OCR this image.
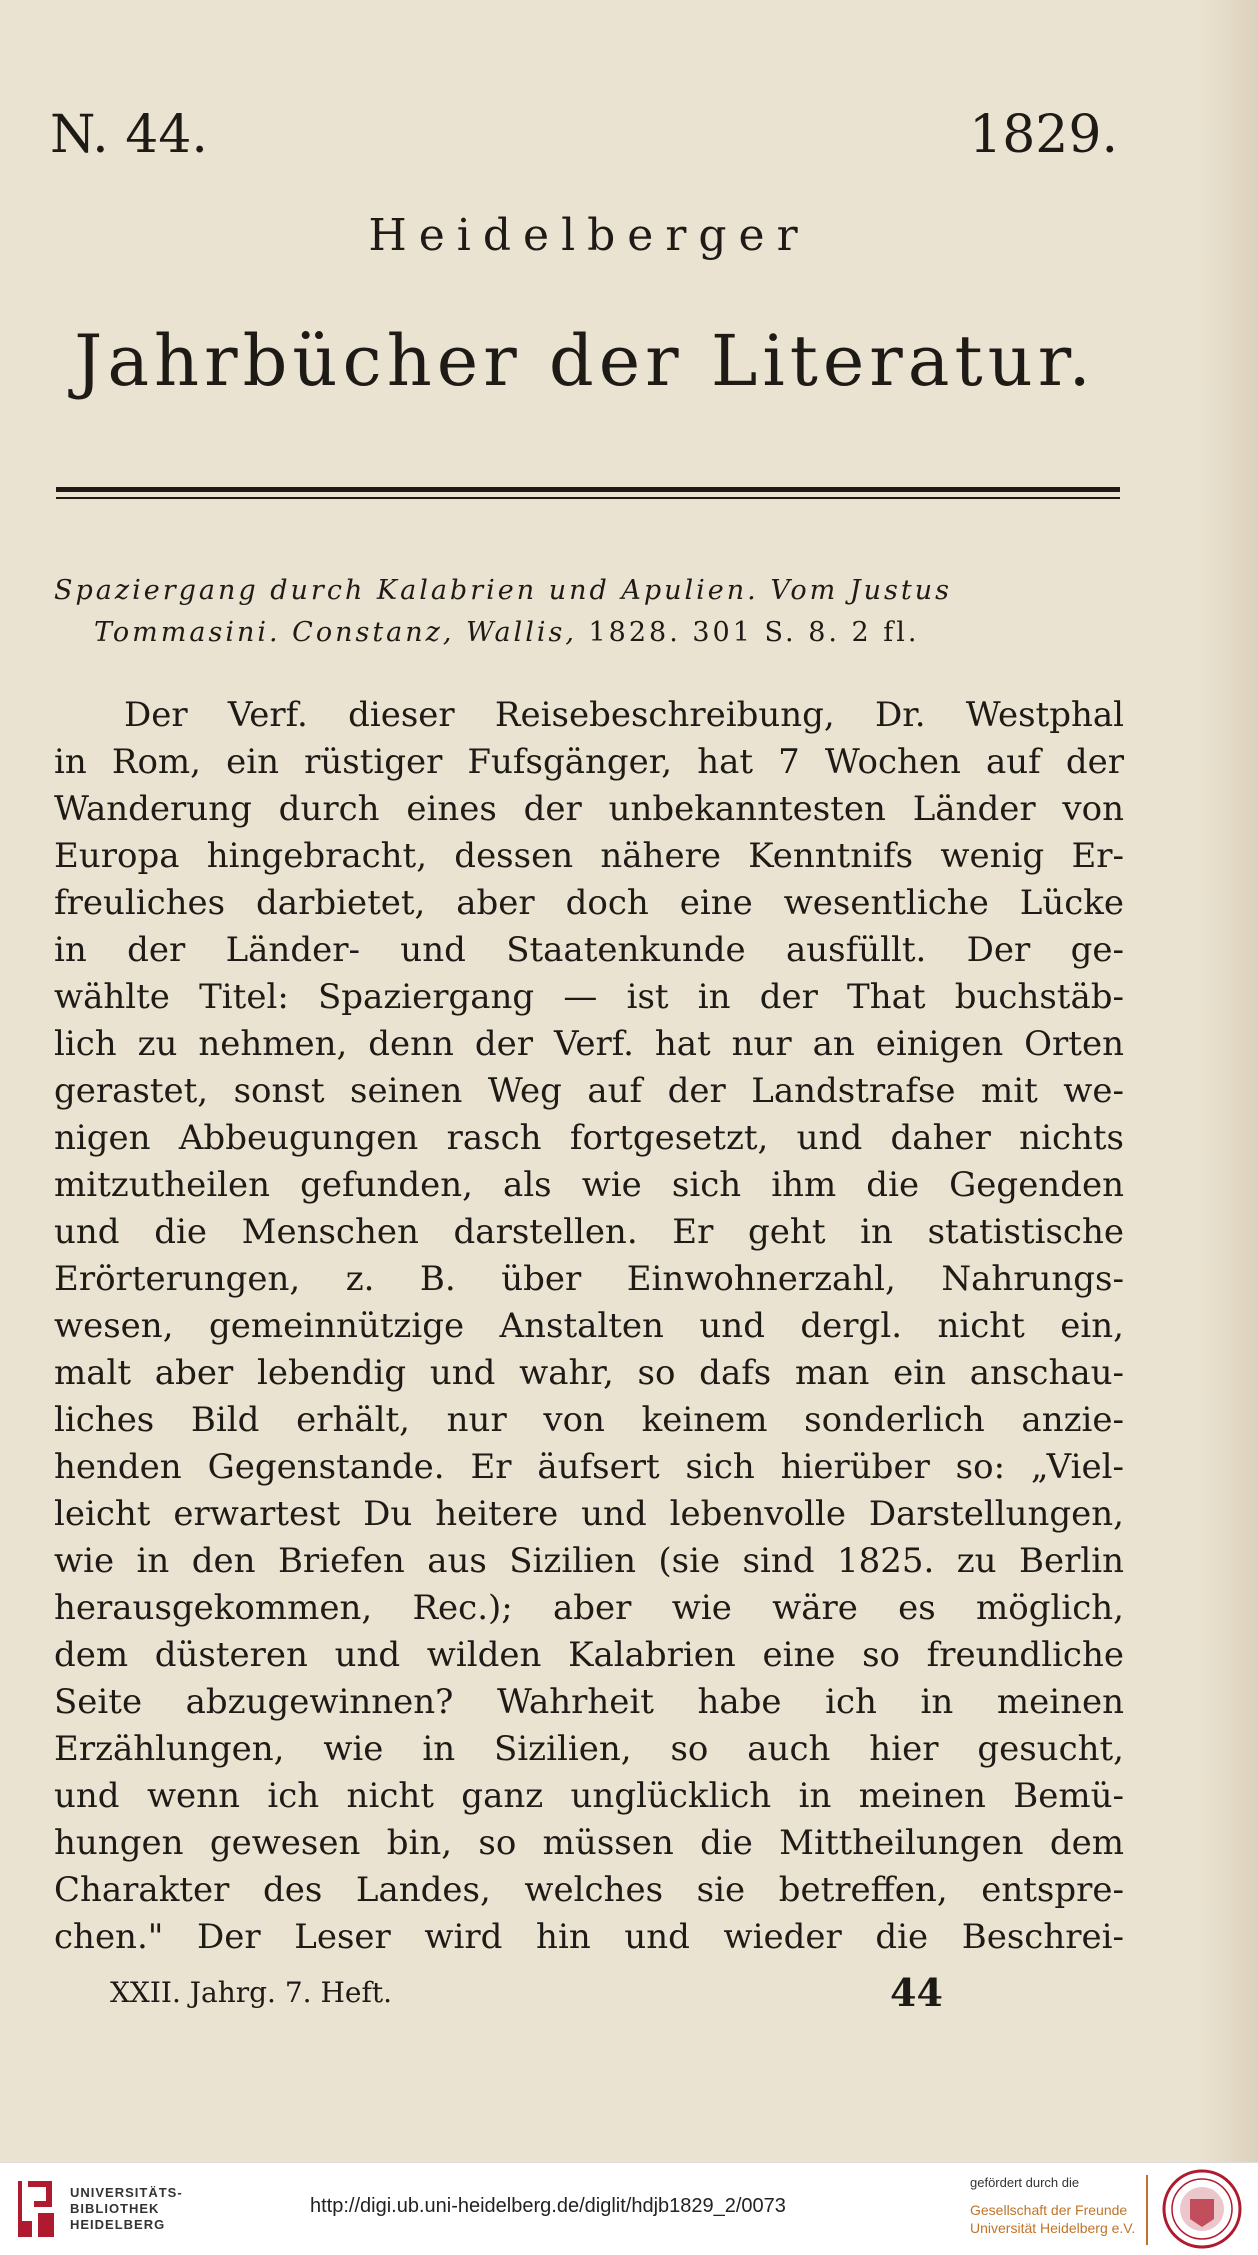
N. 44.	1829.
Heidelberger
Jahrbücher der Literatur.
Spaziergang durch Kalabrien und Apulien. Vom Justus
Tommasini. Constanz, Wallis, 1828. 301 S. 8. 2 fl.
Der Verf. dieser Reisebeschreibung, Dr. Westphal
in Rom, ein rüstiger Fufsgänger, hat 7 Wochen auf der
Wanderung durch eines der unbekanntesten Länder von
Europa hingebracht, dessen nähere Kenntnifs wenig Er-
freuliches darbietet, aber doch eine wesentliche Lücke
in der Länder- und Staatenkunde ausfüllt. Der ge-
wählte Titel: Spaziergang — ist in der That buchstäb-
lich zu nehmen, denn der Verf. hat nur an einigen Orten
gerastet, sonst seinen Weg auf der Landstrafse mit we-
nigen Abbeugungen rasch fortgesetzt, und daher nichts
mitzutheilen gefunden, als wie sich ihm die Gegenden
und die Menschen darstellen. Er geht in statistische
Erörterungen, z. B. über Einwohnerzahl, Nahrungs-
wesen, gemeinnützige Anstalten und dergl. nicht ein,
malt aber lebendig und wahr, so dafs man ein anschau-
liches Bild erhält, nur von keinem sonderlich anzie-
henden Gegenstande. Er äufsert sich hierüber so: „Viel-
leicht erwartest Du heitere und lebenvolle Darstellungen,
wie in den Briefen aus Sizilien (sie sind 1825. zu Berlin
herausgekommen, Rec.); aber wie wäre es möglich,
dem düsteren und wilden Kalabrien eine so freundliche
Seite abzugewinnen? Wahrheit habe ich in meinen
Erzählungen, wie in Sizilien, so auch hier gesucht,
und wenn ich nicht ganz unglücklich in meinen Bemü-
hungen gewesen bin, so müssen die Mittheilungen dem
Charakter des Landes, welches sie betreffen, entspre-
chen." Der Leser wird hin und wieder die Beschrei-
XXII. Jahrg. 7. Heft.	44
UNIVERSITÄTS-
BIBLIOTHEK
HEIDELBERG
http://digi.ub.uni-heidelberg.de/diglit/hdjb1829_2/0073
gefördert durch die
Gesellschaft der Freunde
Universität Heidelberg e.V.
